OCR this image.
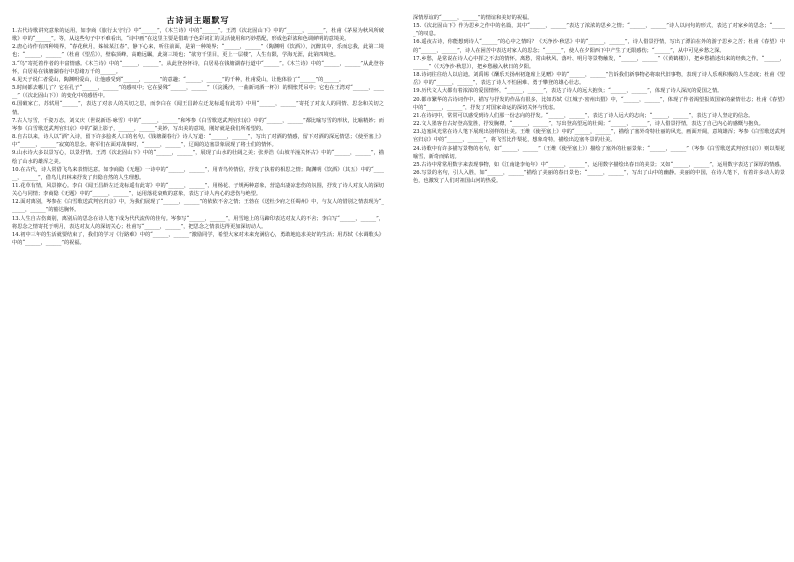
古诗词主题默写

1.古代诗歌讲究意象的运用，如李商《旅行太守行》中“______”，《木兰诗》中的“______”。王湾《次北固山下》中的“______，______”，杜甫《茅屋为秋风所破歌》中的“______”。等，从这些句子中不难看出，“诗中画”在这里主要是借助于色彩词汇的灵活使用和巧妙搭配，形成色彩浓和色调鲜明的意境美。

2.唐心诗作有四种境界，“春花秋月，姊妹某江春”，静下心来，听往前面，是第一种境界；“______，______”（陶渊明《饮酒》），沉醉其中，乐而忘我，此第二境也；“______，______”（杜甫《望岳》），壁临顶峰，高瞻远瞩，此第三境也；“欲穷千里目，更上一层楼”，人生有限，学海无涯，此第四境也。

3.“鸟”寄托着作者的丰富情感。《木兰诗》中的“______，______”。从此登谷怀诗，白居易在钱塘湖春行道中“______”。《木兰诗》中的“______，______”从此登谷怀，白居易在钱塘湖春行中思绪万千的______。

4.见天子说仁者爱山，陶渊明爱山，让他感受到“______，______”的意趣；“______，______”的千种，杜甫爱山，让他体验了“______”的______。

5.时间都去哪儿了？它在孔子“______，______”的感叹中；它在晏殊“______，______”（《浣溪沙，一曲新词酒一杯》）的惆怅凭吊中；它也在王湾对“______，______”（《次北固山下》）的变化中的感悟中。

6.国破家亡，苏轼用“______”，表达了对亲人的关切之思，而李白在《闻王昌龄左迁龙标遥有此寄》中用“______，______”寄托了对友人的同情、思念和关切之情。

7.古人写雪，千姿万态，刘义庆（世说新语·咏雪）中的“______，______”和岑参《白雪歌送武判官归京》中的“______，______”都比喻写雪的形状，比喻精妙；而岑参《白雪歌送武判官归京》中的“湖上影子，______，______”美妙，写出美的意境，刚好就是我们所希望的。

8.自古以来，诗人以“酒”入诗，留下许多脍炙人口的名句。《钱塘湖春行》诗人写道：“______，______”，写出了对酒的情感，留下对酒的深远情思；《使至塞上》中“______，______”寂寞的思念。将军们在面对战事时，“______，______”，辽阔的边塞景象展现了将士们的情怀。

9.山水诗大多以景写心，以景抒情。王湾《次北固山下》中的“______，______”，展现了山水的壮阔之美；张养浩《山坡羊潼关怀古》中的“______，______”，描绘了山水的雄浑之美。

10.在古代，诗人常借飞鸟来表情达意。如李商隐《无题》一诗中的“______，______”，用青鸟传情信，抒发了执着的相思之情；陶渊明《饮酒》（其五）中的“______，______”，借鸟儿归林来抒发了归隐自然的人生理想。

11.花草有情，风景撩心。李白《闻王昌龄左迁龙标遥有此寄》中的“______，______”，用杨花、子规两种意象，营造出凄凉悲伤的氛围，抒发了诗人对友人的深切关心与同情；李商隐《无题》中的“______，______”，运用落花衰败的意象，表达了诗人内心的悲伤与绝望。

12.面对离别，岑参在《白雪歌送武判官归京》中，为我们展现了“______，______”的依依不舍之情；王勃在《送杜少府之任蜀州》中，与友人的惜别之情表现为“______，______”的豁达胸怀。

13.人生自古伤离别，离别后的思念在诗人笔下成为代代流传的佳句。岑参写“______，______”，用雪地上的马蹄印表达对友人的不舍；李白写“______，______”，将思念之情寄托于明月，表达对友人的深切关心；杜甫写“______，______”，把思念之情表达得更加深切动人。

14.初中三年的生活就要结束了，我们的学习《行路难》中的“______，______”激励同学，希望大家对未来充满信心，勇敢地追求美好的生活；用苏轼《水调歌头》中的“______，______”的祝福。

深情厚谊的“______，______”的情谊和美好的祝福。

15.《次北固山下》作为思乡之作中的名篇，其中“______，______”表达了浓浓的思乡之情；“______，______”诗人以问句的形式，表达了对家乡的思念；“______”的叹息。

16.遥夜古诗，你能想到诗人“______”的心中之情吗？《天净沙·秋思》中的“______，______”，诗人借景抒情，写出了漂泊在外的游子思乡之苦；杜甫《春望》中的“______，______”，诗人在困苦中表达对家人的思念；“______”，使人在夕阳西下中产生了无限感伤；“______”，从中可见乡愁之深。

17.乡愁，是常说在诗人心中挥之不去的情怀。离愁，常由秋风、落叶、明月等景物触发，“______，______”（《黄鹤楼》），把乡愁描述出来的经典之作。“______，______”（《天净沙·秋思》），把乡愁融入秋日的夕阳。

18.诗词往往给人以启迪。刘禹锡《酬乐天扬州初逢席上见赠》中的“______，______”告诉我们新事物必将取代旧事物，表现了诗人乐观积极的人生态度；杜甫《望岳》中的“______，______”，表达了诗人不怕困难、勇于攀登的雄心壮志。

19.历代文人大都有着浓浓的爱国情怀，“______，______”，表达了诗人的远大抱负；“______，______”，体现了诗人深沉的爱国之情。

20.都市繁华的古诗词作中，描写与抒发的作品有很多，比如苏轼《江城子·密州出猎》中，“______，______”，体现了作者渴望报效国家的豪情壮志；杜甫《春望》中的“______，______”，抒发了对国家命运的深切关怀与忧虑。

21.在诗词中，常常可以感受到诗人们那一份志向的抒发。“______，______”，表达了诗人远大的志向；“______，______”，表达了诗人坚定的信念。

22.文人墨客自古好登高览胜，抒发胸襟，“______，______”，写出登高望远的壮阔；“______，______”，诗人借景抒情，表达了自己内心的感慨与抱负。

23.边塞风光常在诗人笔下展现出别样的壮美。王维《使至塞上》中的“______，______”，描绘了塞外奇特壮丽的风光，画面开阔，意境雄浑；岑参《白雪歌送武判官归京》中的“______，______”，将飞雪比作梨花，想象奇特，描绘出边塞冬景的壮美。

24.诗歌中有许多描写景物的名句，如“______，______”（王维《使至塞上》）描绘了塞外的壮丽景象；“______，______”（岑参《白雪歌送武判官归京》）则以梨花喻雪，新奇而贴切。

25.古诗中常常用数字来表现事物，如《江南逢李龟年》中“______，______”，运用数字描绘出春日的美景；又如“______，______”，运用数字表达了深厚的情感。

26.写景的名句，引人入胜，如“______，______”描绘了美丽的春日景色；“______，______”，写出了山中的幽静。美丽的中国，在诗人笔下，有着许多动人的景色，也激发了人们对祖国山河的热爱。
